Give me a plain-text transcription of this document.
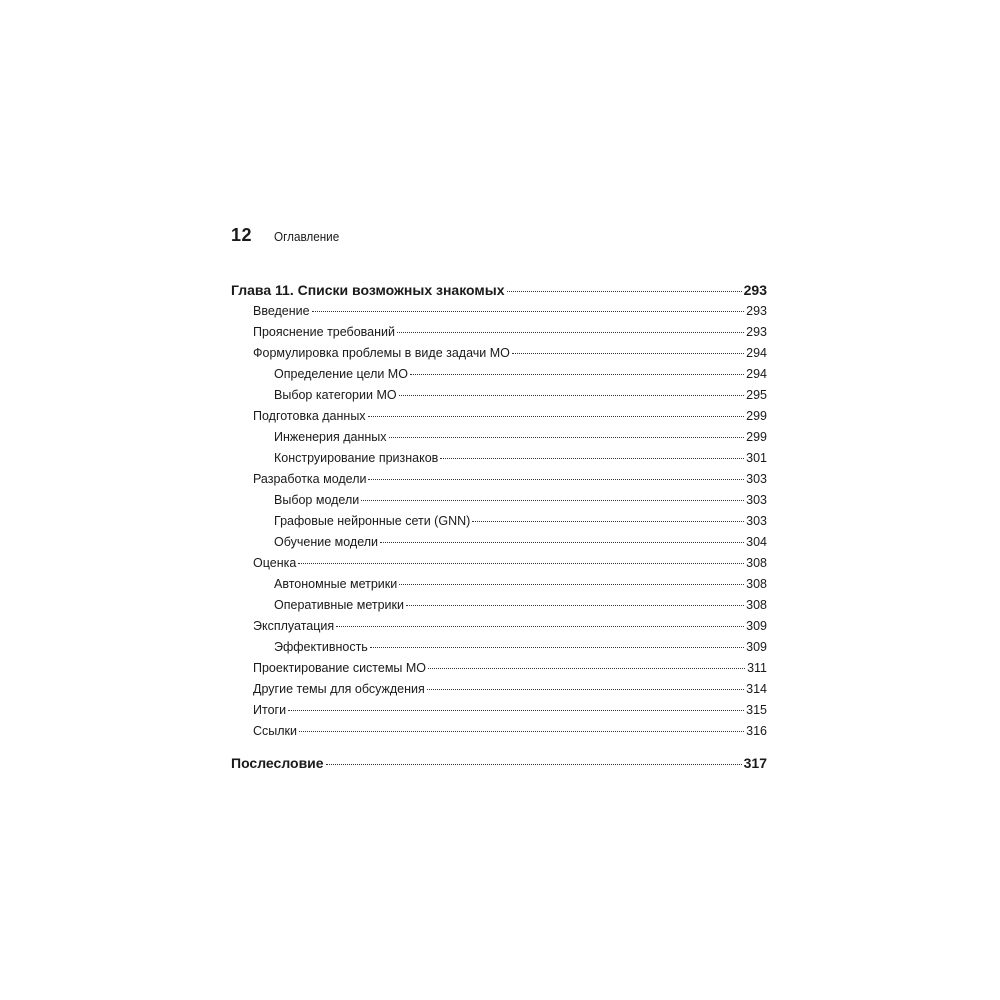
12 Оглавление
Глава 11. Списки возможных знакомых	293
Введение	293
Прояснение требований	293
Формулировка проблемы в виде задачи МО	294
Определение цели МО	294
Выбор категории МО	295
Подготовка данных	299
Инженерия данных	299
Конструирование признаков	301
Разработка модели	303
Выбор модели	303
Графовые нейронные сети (GNN)	303
Обучение модели	304
Оценка	308
Автономные метрики	308
Оперативные метрики	308
Эксплуатация	309
Эффективность	309
Проектирование системы МО	311
Другие темы для обсуждения	314
Итоги	315
Ссылки	316
Послесловие	317
